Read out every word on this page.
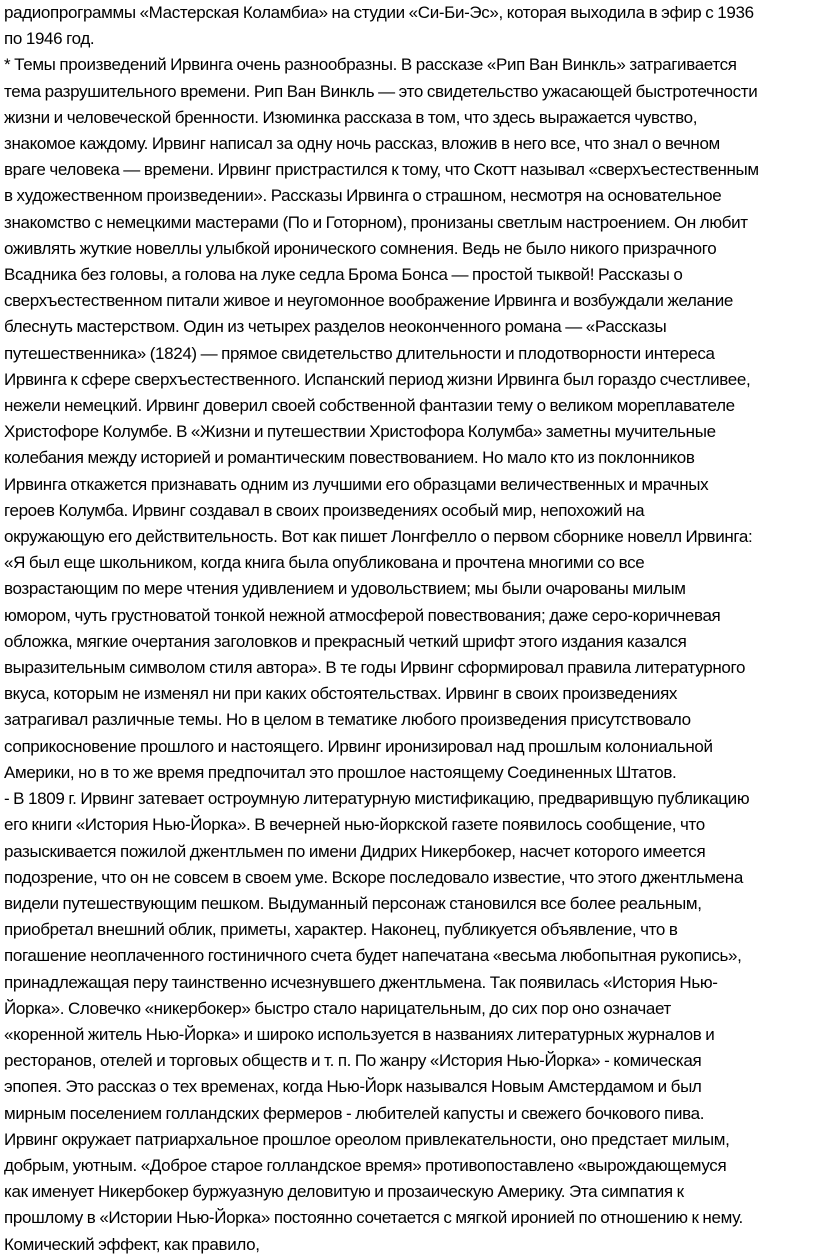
радиопрограммы «Мастерская Коламбиа» на студии «Си-Би-Эс», которая выходила в эфир с 1936
по 1946 год.

* Темы произведений Ирвинга очень разнообразны. В рассказе «Рип Ван Винкль» затрагивается
тема разрушительного времени. Рип Ван Винкль — это свидетельство ужасающей быстротечности
жизни и человеческой бренности. Изюминка рассказа в том, что здесь выражается чувство,
знакомое каждому. Ирвинг написал за одну ночь рассказ, вложив в него все, что знал о вечном
враге человека — времени. Ирвинг пристрастился к тому, что Скотт называл «сверхъестественным
в художественном произведении». Рассказы Ирвинга о страшном, несмотря на основательное
знакомство с немецкими мастерами (По и Готорном), пронизаны светлым настроением. Он любит
оживлять жуткие новеллы улыбкой иронического сомнения. Ведь не было никого призрачного
Всадника без головы, а голова на луке седла Брома Бонса — простой тыквой! Рассказы о
сверхъестественном питали живое и неугомонное воображение Ирвинга и возбуждали желание
блеснуть мастерством. Один из четырех разделов неоконченного романа — «Рассказы
путешественника» (1824) — прямое свидетельство длительности и плодотворности интереса
Ирвинга к сфере сверхъестественного. Испанский период жизни Ирвинга был гораздо счестливее,
нежели немецкий. Ирвинг доверил своей собственной фантазии тему о великом мореплавателе
Христофоре Колумбе. В «Жизни и путешествии Христофора Колумба» заметны мучительные
колебания между историей и романтическим повествованием. Но мало кто из поклонников
Ирвинга откажется признавать одним из лучшими его образцами величественных и мрачных
героев Колумба. Ирвинг создавал в своих произведениях особый мир, непохожий на
окружающую его действительность. Вот как пишет Лонгфелло о первом сборнике новелл Ирвинга:
«Я был еще школьником, когда книга была опубликована и прочтена многими со все
возрастающим по мере чтения удивлением и удовольствием; мы были очарованы милым
юмором, чуть грустноватой тонкой нежной атмосферой повествования; даже серо-коричневая
обложка, мягкие очертания заголовков и прекрасный четкий шрифт этого издания казался
выразительным символом стиля автора». В те годы Ирвинг сформировал правила литературного
вкуса, которым не изменял ни при каких обстоятельствах. Ирвинг в своих произведениях
затрагивал различные темы. Но в целом в тематике любого произведения присутствовало
соприкосновение прошлого и настоящего. Ирвинг иронизировал над прошлым колониальной
Америки, но в то же время предпочитал это прошлое настоящему Соединенных Штатов.

- В 1809 г. Ирвинг затевает остроумную литературную мистификацию, предваривщую публикацию
его книги «История Нью-Йорка». В вечерней нью-йоркской газете появилось сообщение, что
разыскивается пожилой джентльмен по имени Дидрих Никербокер, насчет которого имеется
подозрение, что он не совсем в своем уме. Вскоре последовало известие, что этого джентльмена
видели путешествующим пешком. Выдуманный персонаж становился все более реальным,
приобретал внешний облик, приметы, характер. Наконец, публикуется объявление, что в
погашение неоплаченного гостиничного счета будет напечатана «весьма любопытная рукопись»,
принадлежащая перу таинственно исчезнувшего джентльмена. Так появилась «История Нью-
Йорка». Словечко «никербокер» быстро стало нарицательным, до сих пор оно означает
«коренной житель Нью-Йорка» и широко используется в названиях литературных журналов и
ресторанов, отелей и торговых обществ и т. п. По жанру «История Нью-Йорка» - комическая
эпопея. Это рассказ о тех временах, когда Нью-Йорк назывался Новым Амстердамом и был
мирным поселением голландских фермеров - любителей капусты и свежего бочкового пива.
Ирвинг окружает патриархальное прошлое ореолом привлекательности, оно предстает милым,
добрым, уютным. «Доброе старое голландское время» противопоставлено «вырождающемуся
как именует Никербокер буржуазную деловитую и прозаическую Америку. Эта симпатия к
прошлому в «Истории Нью-Йорка» постоянно сочетается с мягкой иронией по отношению к нему.
Комический эффект, как правило,
